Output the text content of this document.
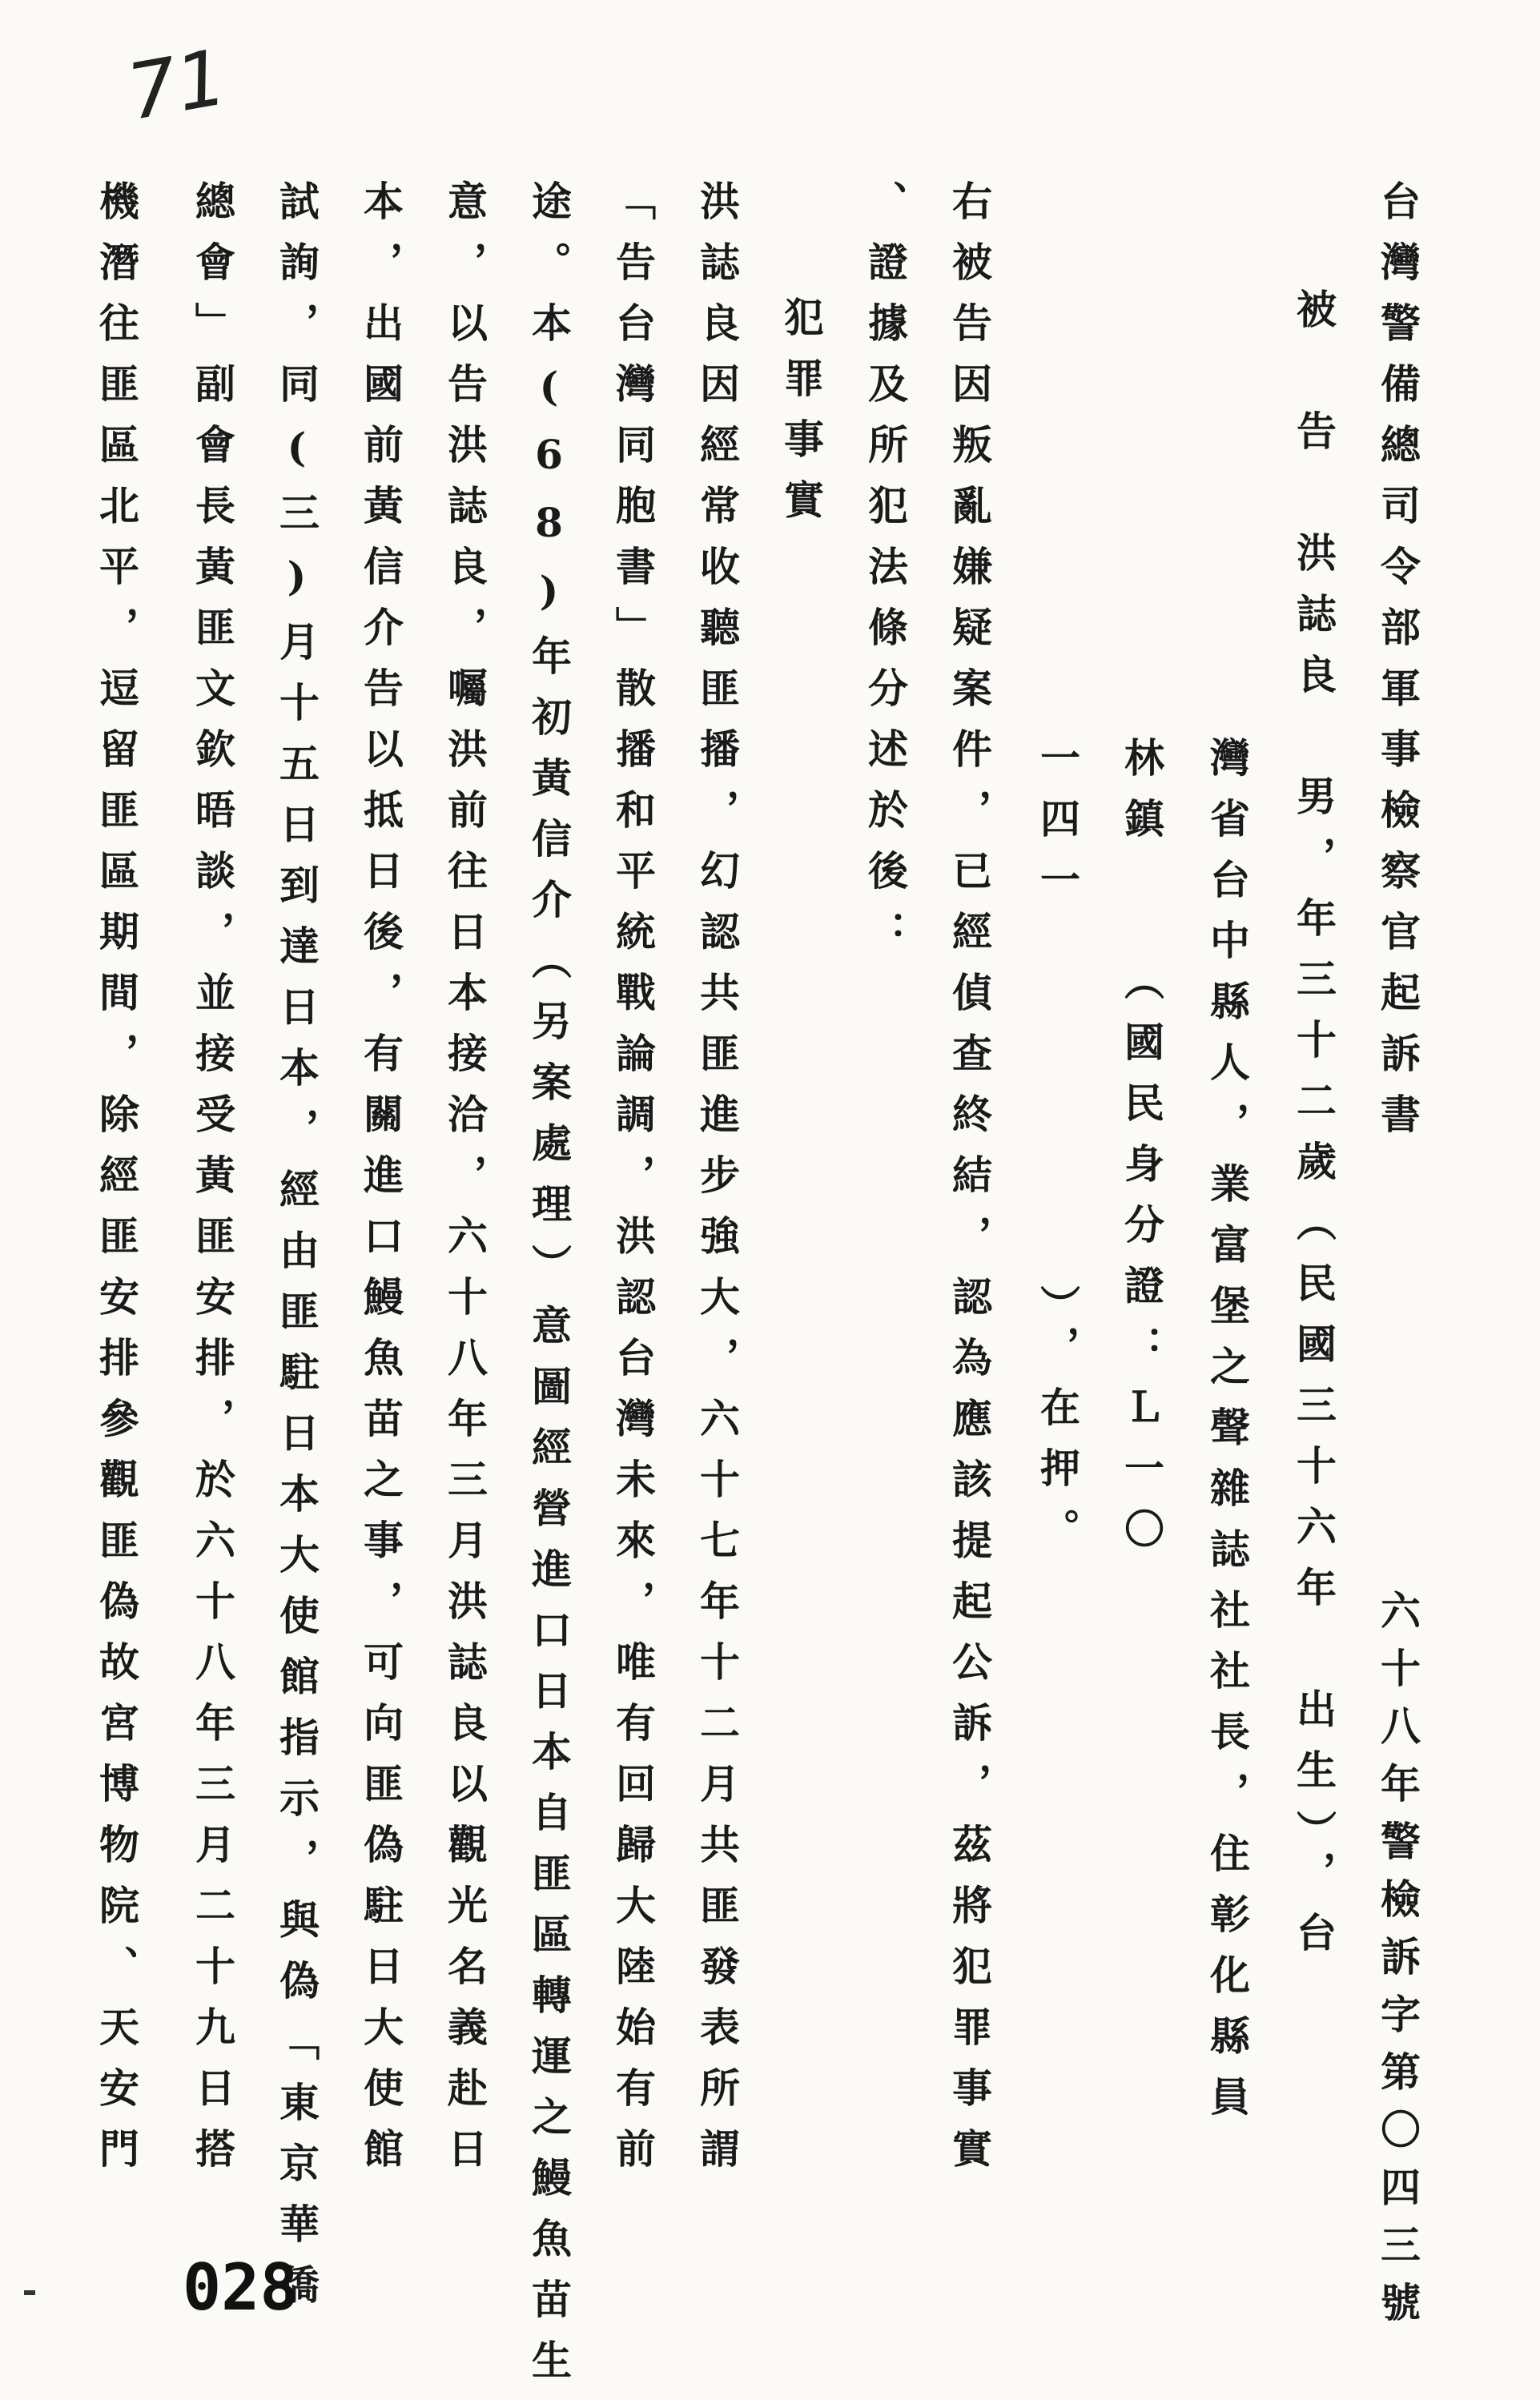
71
台灣警備總司令部軍事檢察官起訴書
六十八年警檢訴字第〇四三號
被　告　洪誌良　男，年三十二歲（民國三十六年　出生），台
灣省台中縣人，業富堡之聲雜誌社社長，住彰化縣員
林鎮　　（國民身分證：Ｌ一〇
一四一　　　　　　），在押。
右被告因叛亂嫌疑案件，已經偵查終結，認為應該提起公訴，茲將犯罪事實
、證據及所犯法條分述於後：
犯罪事實
洪誌良因經常收聽匪播，幻認共匪進步強大，六十七年十二月共匪發表所謂
「告台灣同胞書」散播和平統戰論調，洪認台灣未來，唯有回歸大陸始有前
途。本(68)年初黃信介（另案處理）意圖經營進口日本自匪區轉運之鰻魚苗生
意，以告洪誌良，囑洪前往日本接洽，六十八年三月洪誌良以觀光名義赴日
本，出國前黃信介告以抵日後，有關進口鰻魚苗之事，可向匪偽駐日大使館
試詢，同(三)月十五日到達日本，經由匪駐日本大使館指示，與偽「東京華僑
總會」副會長黃匪文欽晤談，並接受黃匪安排，於六十八年三月二十九日搭
機潛往匪區北平，逗留匪區期間，除經匪安排參觀匪偽故宮博物院、天安門
028
